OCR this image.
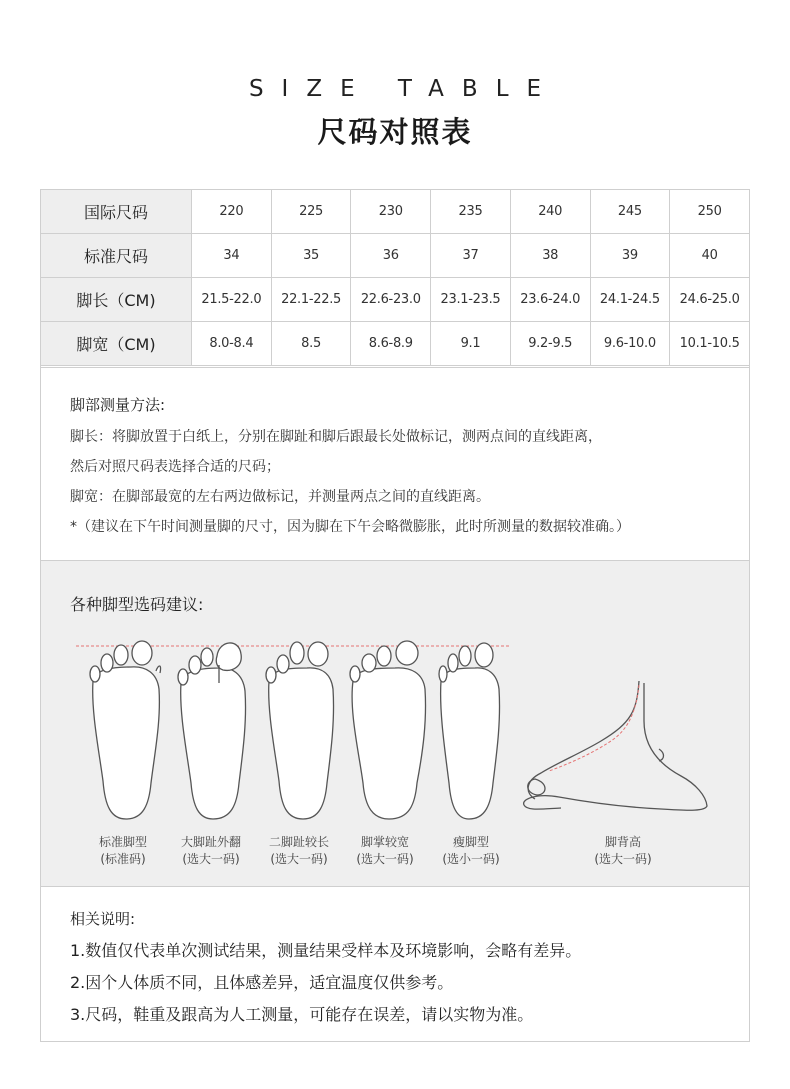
SIZE TABLE
尺码对照表
国际尺码	220	225	230	235	240	245	250
标准尺码	34	35	36	37	38	39	40
脚长（CM)	21.5-22.0	22.1-22.5	22.6-23.0	23.1-23.5	23.6-24.0	24.1-24.5	24.6-25.0
脚宽（CM)	8.0-8.4	8.5	8.6-8.9	9.1	9.2-9.5	9.6-10.0	10.1-10.5
脚部测量方法:
脚长：将脚放置于白纸上，分别在脚趾和脚后跟最长处做标记，测两点间的直线距离，
然后对照尺码表选择合适的尺码；
脚宽：在脚部最宽的左右两边做标记，并测量两点之间的直线距离。
*（建议在下午时间测量脚的尺寸，因为脚在下午会略微膨胀，此时所测量的数据较准确。）
各种脚型选码建议:
标准脚型
(标准码)
大脚趾外翻
(选大一码)
二脚趾较长
(选大一码)
脚掌较宽
(选大一码)
瘦脚型
(选小一码)
脚背高
(选大一码)
相关说明:
1.数值仅代表单次测试结果，测量结果受样本及环境影响，会略有差异。
2.因个人体质不同，且体感差异，适宜温度仅供参考。
3.尺码，鞋重及跟高为人工测量，可能存在误差，请以实物为准。
